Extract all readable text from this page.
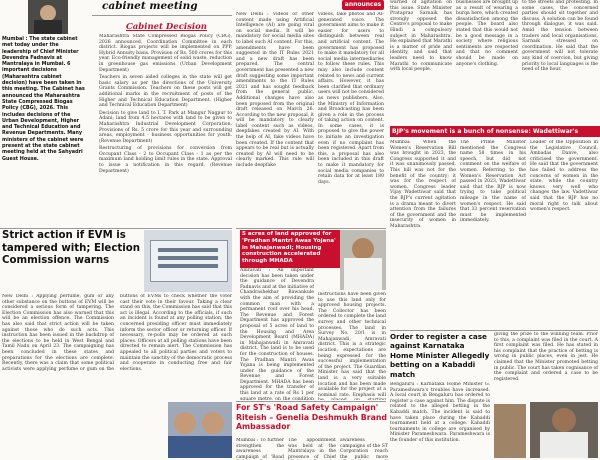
Mumbai : The state cabinet met today under the leadership of Chief Minister Devendra Fadnavis at Mantralaya in Mumbai. 6 important decisions (Maharashtra cabinet decision) have been taken in this meeting. The Cabinet has announced the Maharashtra State Compressed Biogas Policy (CBG), 2026. This includes decisions of the Urban Development, Higher and Technical Education and Revenue Departments. Many ministers of the cabinet were present at the state cabinet meeting held at the Sahyadri Guest House.
cabinet meeting
Cabinet Decision
• Maharashtra State Compressed Biogas Policy (CBG), 2026 announced, Coordination Committee in each district. Biogas projects will be implemented on PPP, Hybrid Annuity basis. Provision of Rs. 500 crores for this year. Eco-friendly management of solid waste, reduction in greenhouse gas emissions (Urban Development Department)
• Teachers in seven aided colleges in the state will get basic salary as per the directions of the University Grants Commission. Teachers on these posts will get additional marks in the recruitment of posts of the Higher and Technical Education Department. (Higher and Technical Education Department)
• Decision to give land to I. T. Park at Mangur Nagpur to Adani; land from 4.5 hectares with land to be given to Maharashtra Industrial Development Corporation. Provisions of Rs. 5 crore for this year and surrounding areas, employment - business opportunities for youth. (Revenue Department)
• Restructuring of provisions for conversion from Occupant Class - 2 to Occupant Class - 1 as per the maximum land holding limit rules in the state. Approval to issue a notification in this regard. (Revenue Department)
New Delhi : Videos or other content made using Artificial Intelligence (AI) are going viral on social media. It will be mandatory for social media sites to label such AI content. For this, amendments have been suggested in the IT Rules 2021 and a new draft has been prepared. The central government has presented a new draft suggesting some important amendments to the IT Rules 2021 and has sought feedback from the general public. Additional changes have also been proposed from the original draft released on March 26. According to the new proposal, it will be mandatory to clearly label content such as videos, deepfakes created by AI. With the help of AI, fake videos have been created. If the content that appears to be real but is actually created by AI will need to be clearly marked. This rule will include deepfake
videos, fake photos and AI-generated voice. The government aims to make it easier for users to distinguish between real and artificial content. The government has proposed to make it mandatory for all social media intermediaries to follow these rules. This may also include content related to news and current affairs. However, it has been clarified that ordinary users will not be considered as news publishers. Also, the Ministry of Information and Broadcasting has been given a role in the process of taking action on content. In some cases, it is proposed to give the power to initiate an investigation even if no complaint has been registered. Apart from this, a proposal has also been included in this draft to make it mandatory for social media companies to retain data for at least 180 days.
announces	warned of agitation on this issue. State Minister Prataprao Sarnaik has strongly opposed the Centre's proposal to make Hindi a compulsory subject in Maharashtra. He explained that Marathi is a matter of pride and identity, and said that leaders need to know Marathi to communicate with local people.
businesses are brought up as a result of wearing a burqa here, which created dissatisfaction among the people. The board also stated that this would not be a good message in a society where religious sentiments are respected and that no comment should be made on anyone's clothing.
to the streets and protesting. In some cases, the concerned parties should sit together and discuss. A solution can be found through dialogue, it was said. Amid the tension between traders and local organisations, Sarnaik stressed on coordination. He said that the government will not tolerate any kind of coercion, but giving priority to local languages is the need of the hour.
BJP's movement is a bunch of nonsense: Wadettiwar's
Mumbai: When the Women's Reservation Bill was brought in 2023, the Congress supported it and it was unanimously passed. This bill was not for the benefit of the country; it was for the respect of women. Congress leader Vijay Wadettiwar said that the BJP's current agitation is a drama meant to divert attention from the failures of the government and the insecurity of women in Maharashtra.
The Prime Minister mentioned the Congress name 58 times in his speech, but did not comment on the welfare of women. Referring to the Women's Reservation Act passed in 2023, Wadettiwar said that the BJP is now trying to take political mileage in the name of women's respect. He said that 33 percent reservation must be implemented immediately.
Leader of the Opposition in the Legislative Council, Ambadas Danve, also criticised the government. He said that the government has failed to address the concerns of women in the state, while the country knows very well who changes the law. Vadettiwar said that the BJP has no moral right to talk about women's respect.
Strict action if EVM is tampered with; Election Commission warns
New Delhi : Applying perfume, gum or any other substance on the buttons of EVM will be considered a serious form of tampering. The Election Commission has also warned that this will be an election offence. The Commission has also said that strict action will be taken against those who do such acts. This instruction has been issued in the backdrop of the elections to be held in West Bengal and Tamil Nadu on April 23. The campaigning has been concluded in these states and preparations for the elections are complete. Recently, there was a claim that some political activists were applying perfume or gum on the buttons of EVMs to check whether the voter cast their vote in their favour. Taking a clear stand on this, the Commission has said that this act is illegal. According to the officials, if such an incident is found at any polling station, the concerned presiding officer must immediately inform the sector officer or returning officer. If necessary, re-polls may be ordered at such places. Officers at all polling stations have been directed to remain alert. The Commission has appealed to all political parties and voters to maintain the sanctity of the democratic process and cooperate in conducting free and fair elections.
5 acres of land approved for 'Pradhan Mantri Awas Yojana' in Mahajanwadi; Housing construction accelerated through MHADA
Amravati : An important decision has been taken under the guidance of Devendra Fadnavis and at the initiative of Chandrashekhar Bawankule with the aim of providing the common man with a permanent roof over his head. The Revenue and Forest Department has approved the proposal of 5 acres of land to the Housing and Area Development Board (MHADA) in Mahajanwadi in Amravati district. The land is to be used for the construction of houses. The Pradhan Mantri Awas Yojana is being implemented under the guidance of the Revenue and Forest Department. MHADA has been approved for the transfer of this land at a rate of Rs 1 per square metre, on the condition
instructions have been given to use this land only for approved housing projects. The Collector has been ordered to complete the land survey and other technical processes. The land in Survey No. 20/1 is in Mahajanwadi, Amravati district. This is a strategic location, expectations are being expressed for the successful implementation of the project. The Guardian Minister has said that the land is a very suitable location and has been made available for the project at a nominal rate. Emphasis will
For ST's 'Road Safety Campaign' Riteish – Genelia Deshmukh Brand Ambassador
Mumbai : To further strengthen the awareness campaign of 'Road
The appointment was held at the Mantralaya in the presence of Chief
awareness campaigns of the ST Corporation reach the public more
Order to register a case against Karnataka Home Minister Allegedly betting on a Kabaddi match
Bengaluru : Karnataka Home Minister G. Parameshwara's troubles have increased. A local court in Bengaluru has ordered to register a case against him. The dispute is related to the alleged betting in the Kabaddi match. The incident is said to have taken place during the Kabaddi tournament held at a college. Kabaddi tournaments in college are organised by Minister Parameshwara. Parameshwara is the founder of this institution.
giving the prize to the winning team. Prior to this, a complaint was filed in the court. A first complaint was filed. He has stated in his complaint that the practice of betting is wrong in public places, even in jest. He claimed that the Minister promoted betting in public. The court has taken cognisance of the complaint and ordered a case to be registered.
